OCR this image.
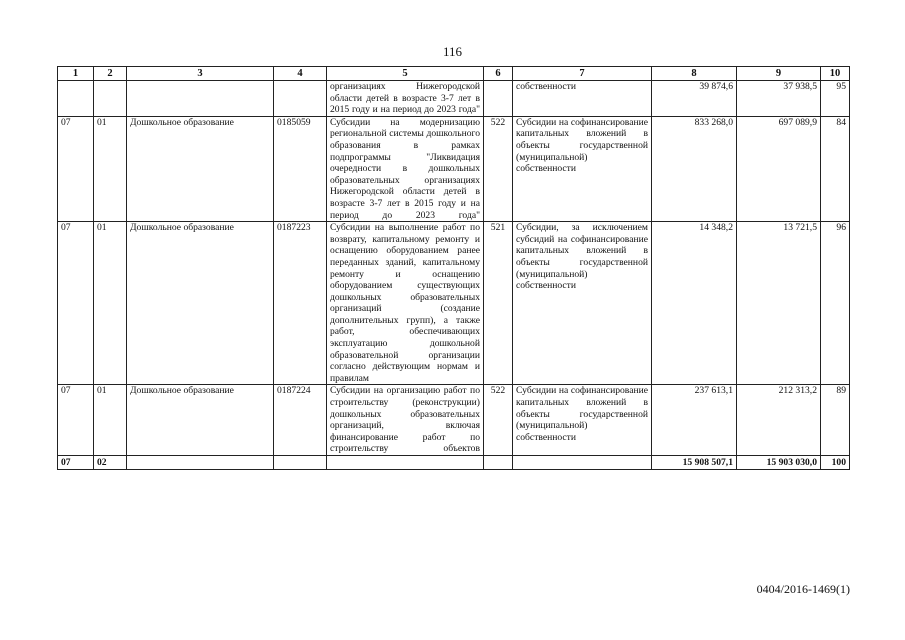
116
1	2	3	4	5	6	7	8	9	10
				организациях Нижегородской области детей в возрасте 3-7 лет в 2015 году и на период до 2023 года"		собственности	39 874,6	37 938,5	95
07	01	Дошкольное образование	0185059	Субсидии на модернизацию региональной системы дошкольного образования в рамках подпрограммы "Ликвидация очередности в дошкольных образовательных организациях Нижегородской области детей в возрасте 3-7 лет в 2015 году и на период до 2023 года"	522	Субсидии на софинансирование капитальных вложений в объекты государственной (муниципальной) собственности	833 268,0	697 089,9	84
07	01	Дошкольное образование	0187223	Субсидии на выполнение работ по возврату, капитальному ремонту и оснащению оборудованием ранее переданных зданий, капитальному ремонту и оснащению оборудованием существующих дошкольных образовательных организаций (создание дополнительных групп), а также работ, обеспечивающих эксплуатацию дошкольной образовательной организации согласно действующим нормам и правилам	521	Субсидии, за исключением субсидий на софинансирование капитальных вложений в объекты государственной (муниципальной) собственности	14 348,2	13 721,5	96
07	01	Дошкольное образование	0187224	Субсидии на организацию работ по строительству (реконструкции) дошкольных образовательных организаций, включая финансирование работ по строительству объектов	522	Субсидии на софинансирование капитальных вложений в объекты государственной (муниципальной) собственности	237 613,1	212 313,2	89
07	02						15 908 507,1	15 903 030,0	100
0404/2016-1469(1)
